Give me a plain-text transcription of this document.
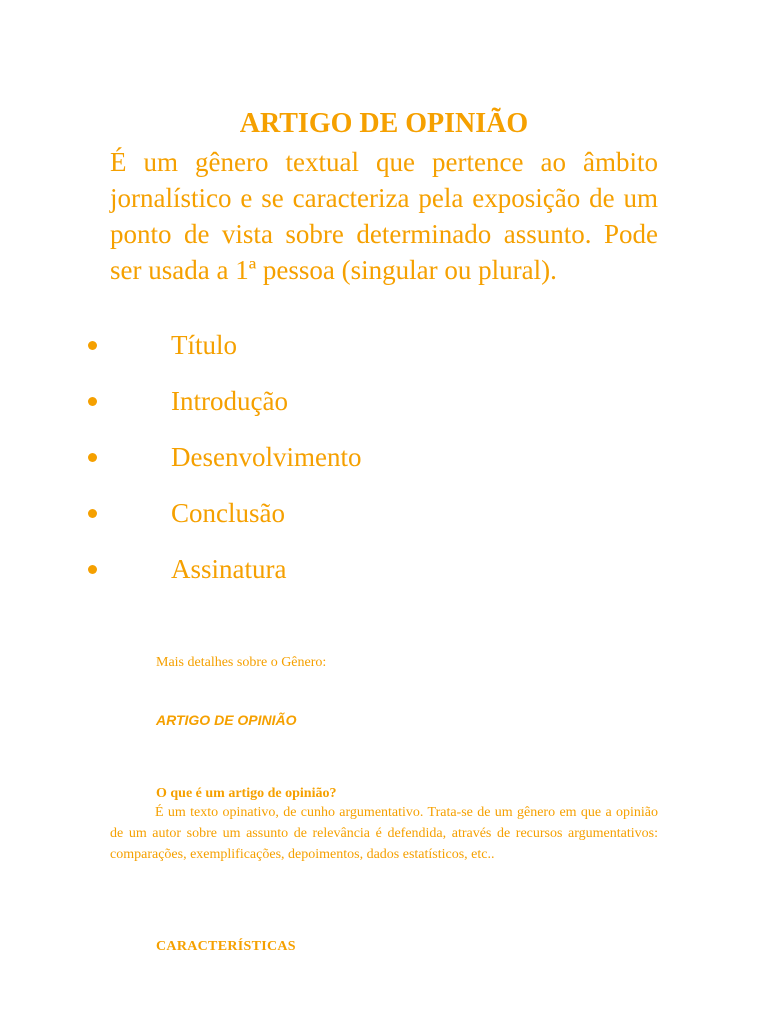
ARTIGO DE OPINIÃO

É um gênero textual que pertence ao âmbito jornalístico e se caracteriza pela exposição de um ponto de vista sobre determinado assunto. Pode ser usada a 1ª pessoa (singular ou plural).

Título
Introdução
Desenvolvimento
Conclusão
Assinatura

Mais detalhes sobre o Gênero:

ARTIGO DE OPINIÃO

O que é um artigo de opinião?

É um texto opinativo, de cunho argumentativo. Trata-se de um gênero em que a opinião de um autor sobre um assunto de relevância é defendida, através de recursos argumentativos: comparações, exemplificações, depoimentos, dados estatísticos, etc..

CARACTERÍSTICAS
